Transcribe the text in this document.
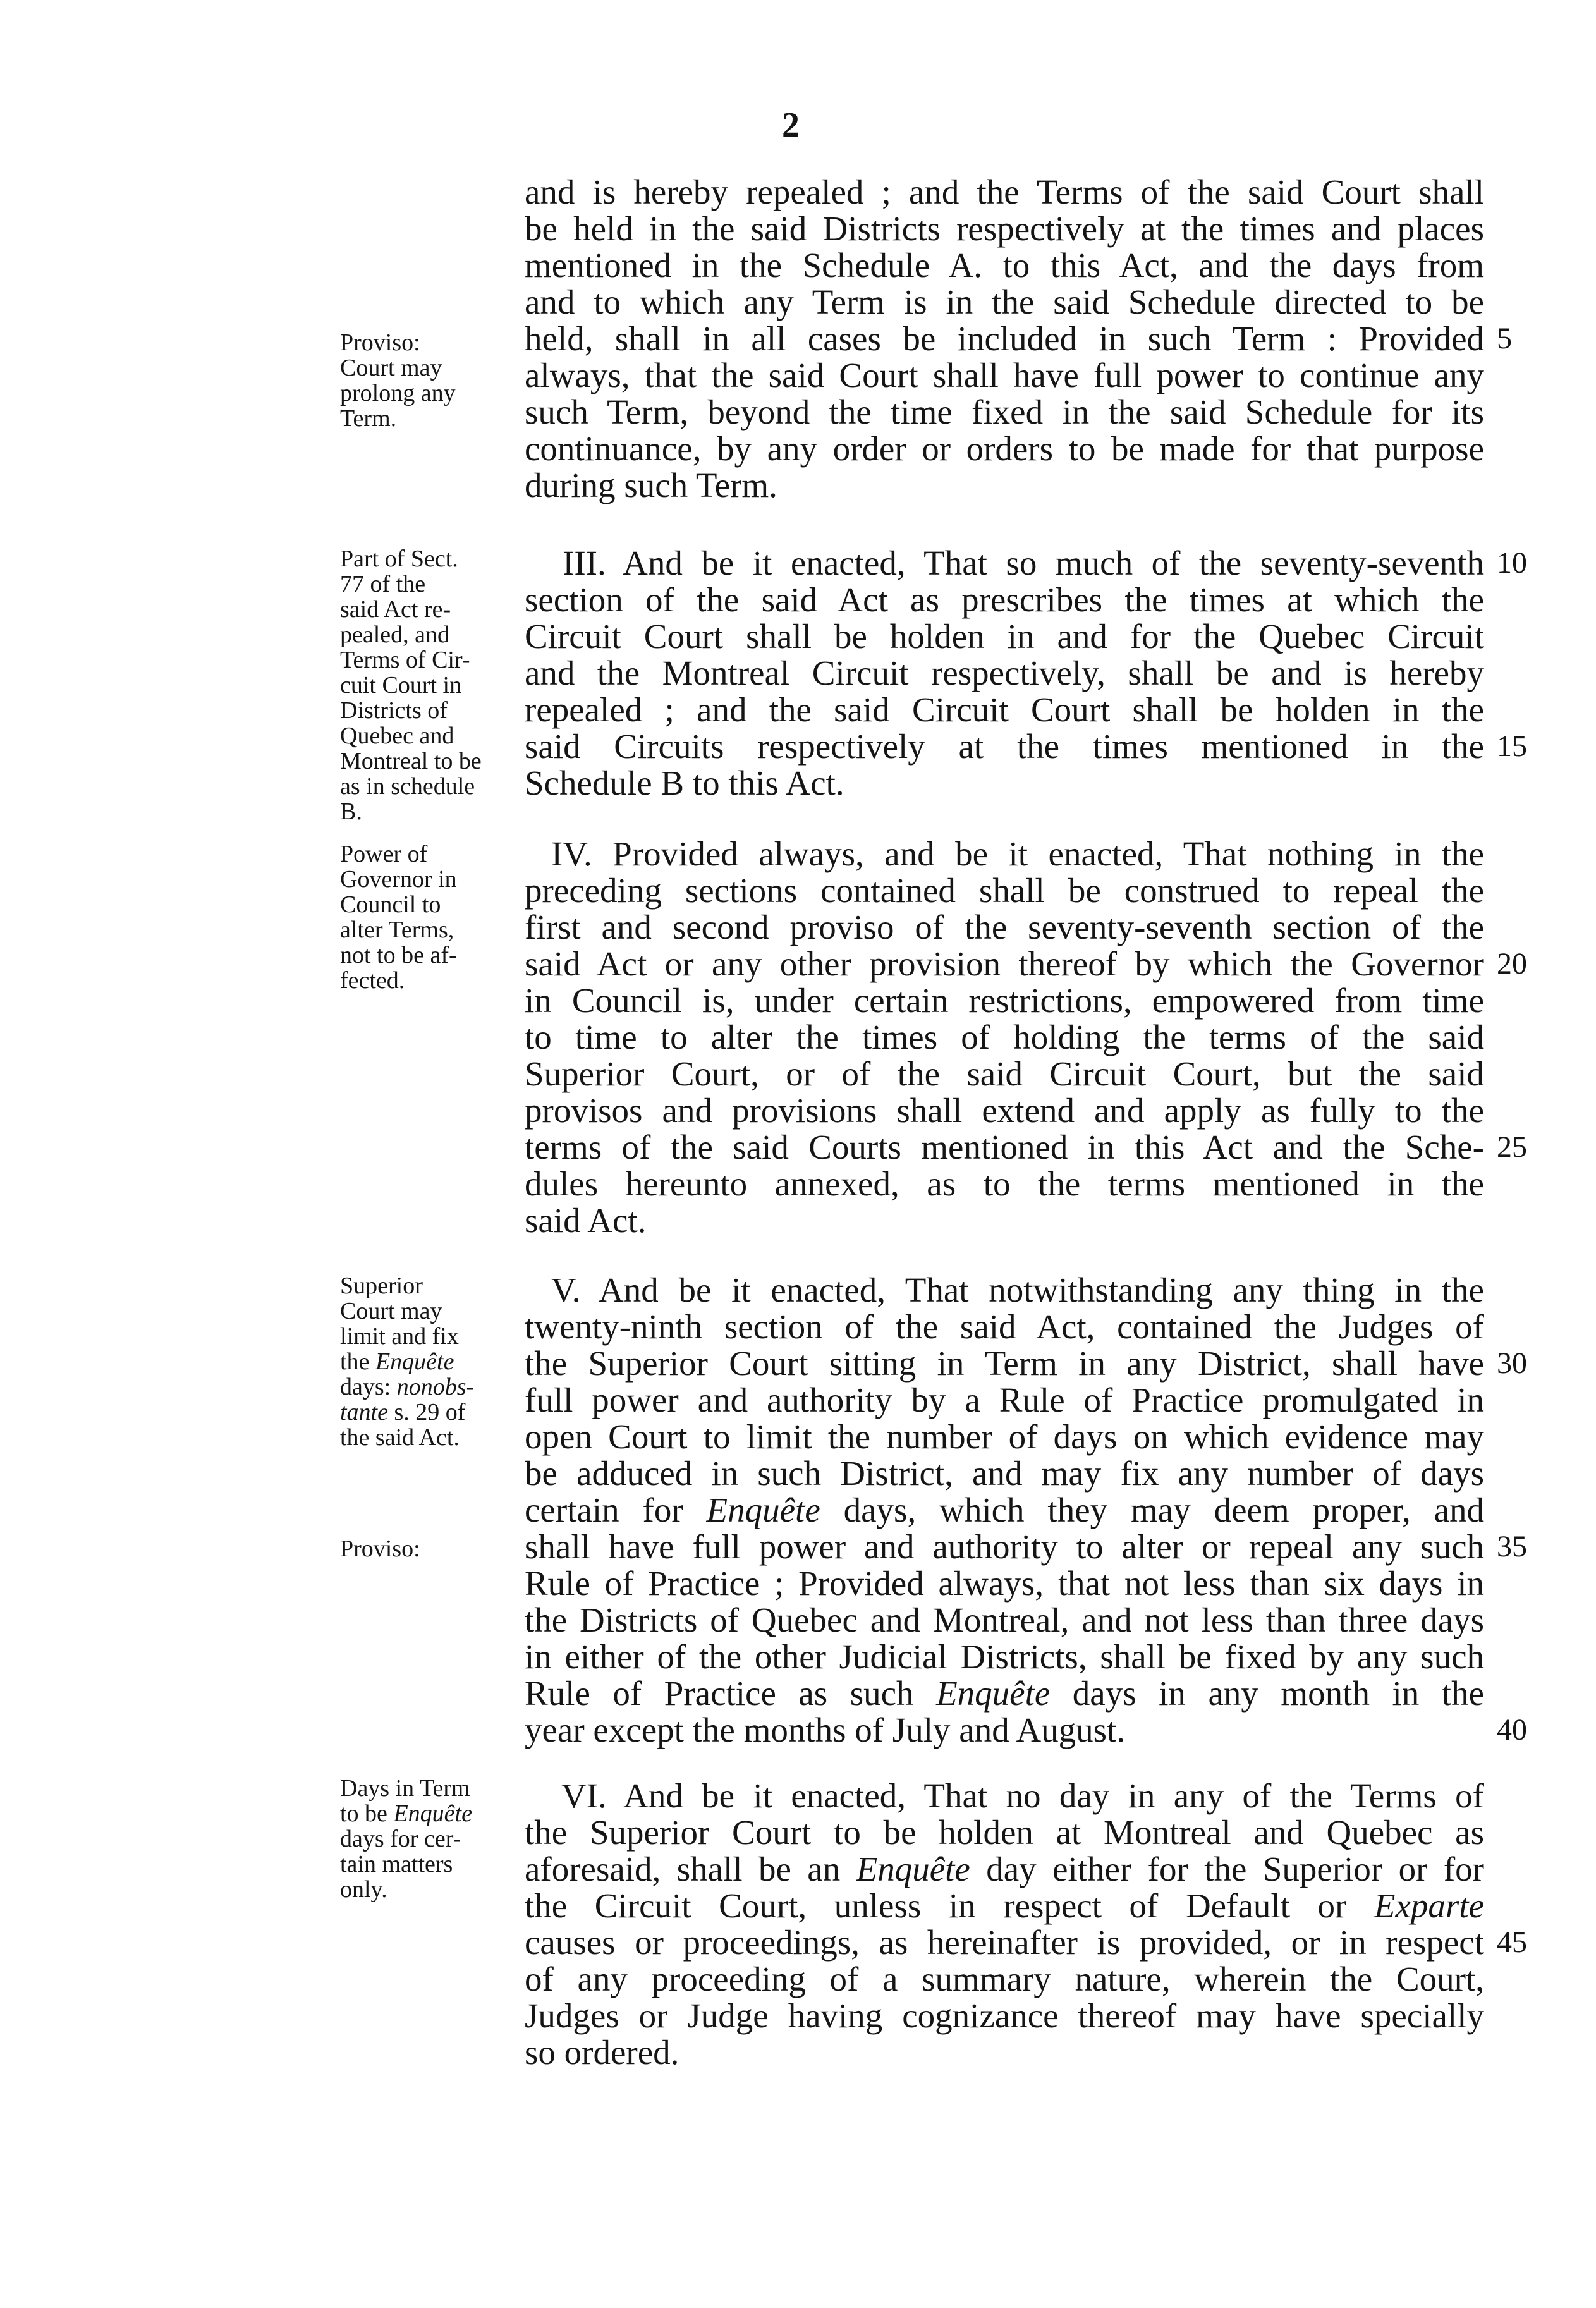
2
and is hereby repealed ; and the Terms of the said Court shall
be held in the said Districts respectively at the times and places
mentioned in the Schedule A. to this Act, and the days from
and to which any Term is in the said Schedule directed to be
5
held, shall in all cases be included in such Term : Provided
always, that the said Court shall have full power to continue any
such Term, beyond the time fixed in the said Schedule for its
continuance, by any order or orders to be made for that purpose
during such Term.
10
III. And be it enacted, That so much of the seventy-seventh
section of the said Act as prescribes the times at which the
Circuit Court shall be holden in and for the Quebec Circuit
and the Montreal Circuit respectively, shall be and is hereby
repealed ; and the said Circuit Court shall be holden in the
15
said Circuits respectively at the times mentioned in the
Schedule B to this Act.
IV. Provided always, and be it enacted, That nothing in the
preceding sections contained shall be construed to repeal the
first and second proviso of the seventy-seventh section of the
20
said Act or any other provision thereof by which the Governor
in Council is, under certain restrictions, empowered from time
to time to alter the times of holding the terms of the said
Superior Court, or of the said Circuit Court, but the said
provisos and provisions shall extend and apply as fully to the
25
terms of the said Courts mentioned in this Act and the Sche-
dules hereunto annexed, as to the terms mentioned in the
said Act.
V. And be it enacted, That notwithstanding any thing in the
twenty-ninth section of the said Act, contained the Judges of
30
the Superior Court sitting in Term in any District, shall have
full power and authority by a Rule of Practice promulgated in
open Court to limit the number of days on which evidence may
be adduced in such District, and may fix any number of days
certain for Enquête days, which they may deem proper, and
35
shall have full power and authority to alter or repeal any such
Rule of Practice ; Provided always, that not less than six days in
the Districts of Quebec and Montreal, and not less than three days
in either of the other Judicial Districts, shall be fixed by any such
Rule of Practice as such Enquête days in any month in the
40
year except the months of July and August.
VI. And be it enacted, That no day in any of the Terms of
the Superior Court to be holden at Montreal and Quebec as
aforesaid, shall be an Enquête day either for the Superior or for
the Circuit Court, unless in respect of Default or Exparte
45
causes or proceedings, as hereinafter is provided, or in respect
of any proceeding of a summary nature, wherein the Court,
Judges or Judge having cognizance thereof may have specially
so ordered.
Proviso:
Court may
prolong any
Term.
Part of Sect.
77 of the
said Act re-
pealed, and
Terms of Cir-
cuit Court in
Districts of
Quebec and
Montreal to be
as in schedule
B.
Power of
Governor in
Council to
alter Terms,
not to be af-
fected.
Superior
Court may
limit and fix
the Enquête
days: nonobs-
tante s. 29 of
the said Act.
Proviso:
Days in Term
to be Enquête
days for cer-
tain matters
only.
